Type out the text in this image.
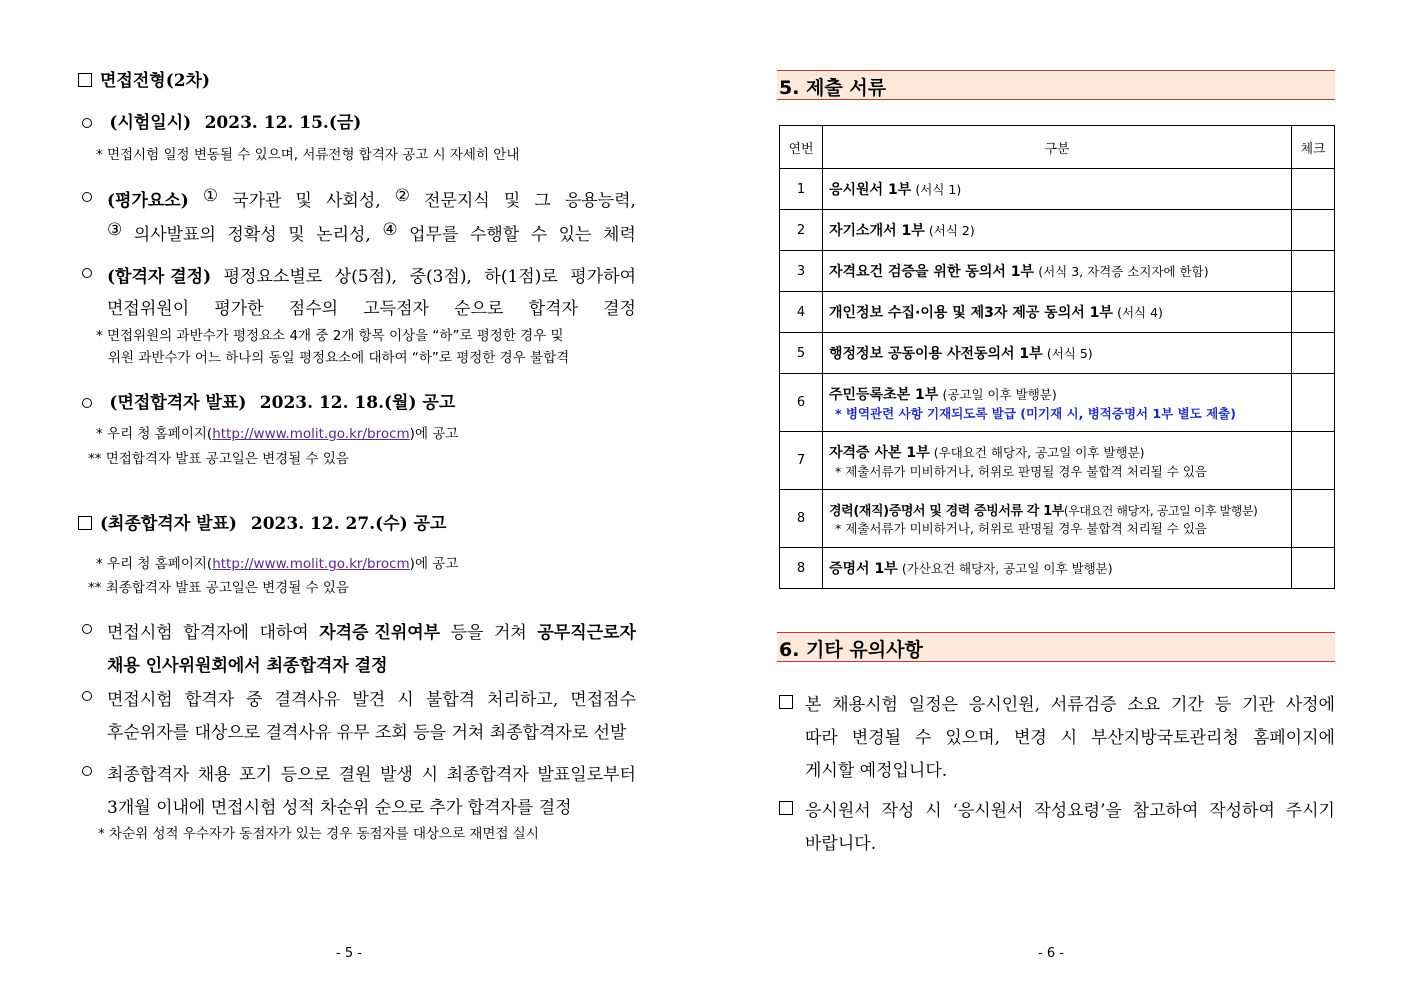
면접전형(2차)
(시험일시) 2023. 12. 15.(금)
* 면접시험 일정 변동될 수 있으며, 서류전형 합격자 공고 시 자세히 안내
(평가요소) ① 국가관 및 사회성, ② 전문지식 및 그 응용능력,
③ 의사발표의 정확성 및 논리성, ④ 업무를 수행할 수 있는 체력
(합격자 결정) 평정요소별로 상(5점), 중(3점), 하(1점)로 평가하여
면접위원이 평가한 점수의 고득점자 순으로 합격자 결정
* 면접위원의 과반수가 평정요소 4개 중 2개 항목 이상을 “하”로 평정한 경우 및
위원 과반수가 어느 하나의 동일 평정요소에 대하여 “하”로 평정한 경우 불합격
(면접합격자 발표) 2023. 12. 18.(월) 공고
* 우리 청 홈페이지(http://www.molit.go.kr/brocm)에 공고
** 면접합격자 발표 공고일은 변경될 수 있음
(최종합격자 발표) 2023. 12. 27.(수) 공고
* 우리 청 홈페이지(http://www.molit.go.kr/brocm)에 공고
** 최종합격자 발표 공고일은 변경될 수 있음
면접시험 합격자에 대하여 자격증 진위여부 등을 거쳐 공무직근로자
채용 인사위원회에서 최종합격자 결정
면접시험 합격자 중 결격사유 발견 시 불합격 처리하고, 면접점수
후순위자를 대상으로 결격사유 유무 조회 등을 거쳐 최종합격자로 선발
최종합격자 채용 포기 등으로 결원 발생 시 최종합격자 발표일로부터
3개월 이내에 면접시험 성적 차순위 순으로 추가 합격자를 결정
* 차순위 성적 우수자가 동점자가 있는 경우 동점자를 대상으로 재면접 실시
- 5 -
5. 제출 서류
연번	구분	체크
1	응시원서 1부 (서식 1)	
2	자기소개서 1부 (서식 2)	
3	자격요건 검증을 위한 동의서 1부 (서식 3, 자격증 소지자에 한함)	
4	개인정보 수집·이용 및 제3자 제공 동의서 1부 (서식 4)	
5	행정정보 공동이용 사전동의서 1부 (서식 5)	
6	주민등록초본 1부 (공고일 이후 발행분)
* 병역관련 사항 기재되도록 발급 (미기재 시, 병적증명서 1부 별도 제출)	

7	자격증 사본 1부 (우대요건 해당자, 공고일 이후 발행분)
* 제출서류가 미비하거나, 허위로 판명될 경우 불합격 처리될 수 있음	

8	경력(재직)증명서 및 경력 증빙서류 각 1부(우대요건 해당자, 공고일 이후 발행분)
* 제출서류가 미비하거나, 허위로 판명될 경우 불합격 처리될 수 있음	

8	증명서 1부 (가산요건 해당자, 공고일 이후 발행분)	
6. 기타 유의사항
본 채용시험 일정은 응시인원, 서류검증 소요 기간 등 기관 사정에
따라 변경될 수 있으며, 변경 시 부산지방국토관리청 홈페이지에
게시할 예정입니다.
응시원서 작성 시 ‘응시원서 작성요령’을 참고하여 작성하여 주시기
바랍니다.
- 6 -
